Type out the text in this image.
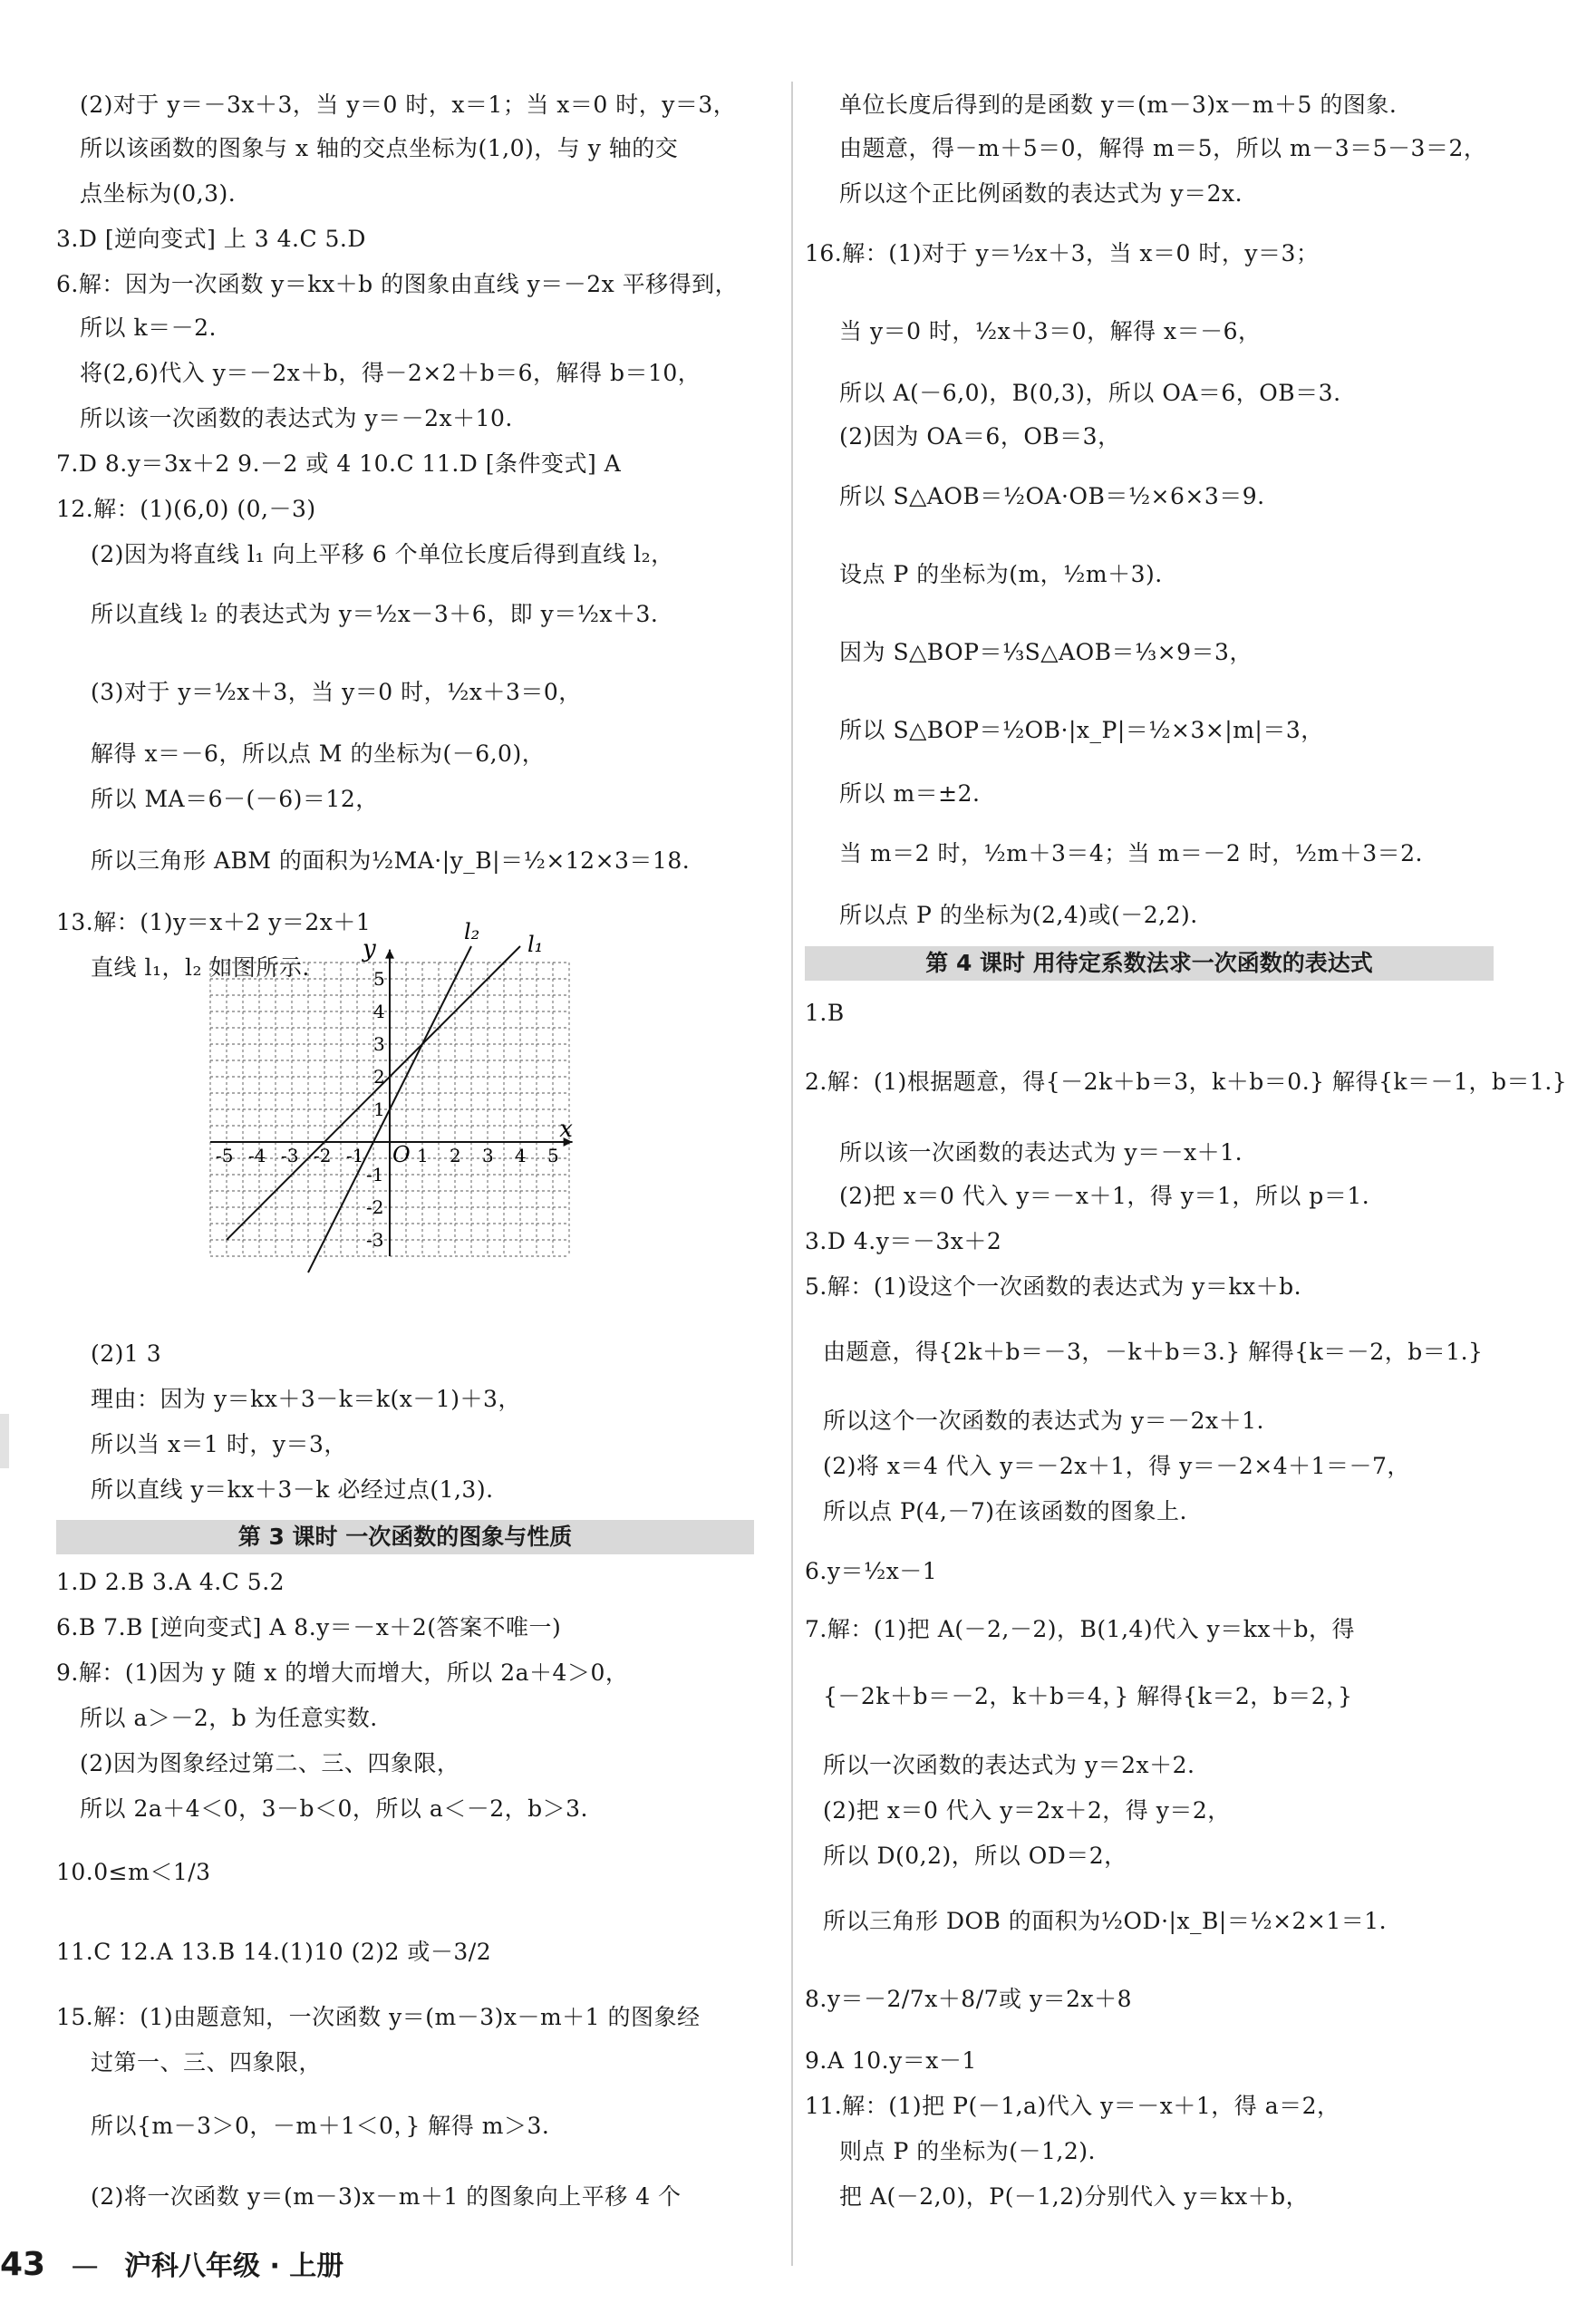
(2)对于 y＝－3x＋3，当 y＝0 时，x＝1；当 x＝0 时，y＝3，
所以该函数的图象与 x 轴的交点坐标为(1,0)，与 y 轴的交
点坐标为(0,3).
3.D [逆向变式] 上 3 4.C 5.D
6.解：因为一次函数 y＝kx＋b 的图象由直线 y＝－2x 平移得到，
所以 k＝－2.
将(2,6)代入 y＝－2x＋b，得－2×2＋b＝6，解得 b＝10，
所以该一次函数的表达式为 y＝－2x＋10.
7.D 8.y＝3x＋2 9.－2 或 4 10.C 11.D [条件变式] A
12.解：(1)(6,0) (0,－3)
(2)因为将直线 l₁ 向上平移 6 个单位长度后得到直线 l₂，
所以直线 l₂ 的表达式为 y＝½x－3＋6，即 y＝½x＋3.
(3)对于 y＝½x＋3，当 y＝0 时，½x＋3＝0，
解得 x＝－6，所以点 M 的坐标为(－6,0)，
所以 MA＝6－(－6)＝12，
所以三角形 ABM 的面积为½MA·|y_B|＝½×12×3＝18.
13.解：(1)y＝x＋2 y＝2x＋1
直线 l₁，l₂ 如图所示.
-5 -4 -3 -2 -1	1 2 3 4 5
5
4
3
2
1
-1
-2
-3
y
x
O
l₁
l₂
(2)1 3
理由：因为 y＝kx＋3－k＝k(x－1)＋3，
所以当 x＝1 时，y＝3，
所以直线 y＝kx＋3－k 必经过点(1,3).
第 3 课时 一次函数的图象与性质
1.D 2.B 3.A 4.C 5.2
6.B 7.B [逆向变式] A 8.y＝－x＋2(答案不唯一)
9.解：(1)因为 y 随 x 的增大而增大，所以 2a＋4＞0，
所以 a＞－2，b 为任意实数.
(2)因为图象经过第二、三、四象限，
所以 2a＋4＜0，3－b＜0，所以 a＜－2，b＞3.
10.0≤m＜1/3
11.C 12.A 13.B 14.(1)10 (2)2 或－3/2
15.解：(1)由题意知，一次函数 y＝(m－3)x－m＋1 的图象经
过第一、三、四象限，
所以{m－3＞0，－m＋1＜0，} 解得 m＞3.
(2)将一次函数 y＝(m－3)x－m＋1 的图象向上平移 4 个
单位长度后得到的是函数 y＝(m－3)x－m＋5 的图象.
由题意，得－m＋5＝0，解得 m＝5，所以 m－3＝5－3＝2，
所以这个正比例函数的表达式为 y＝2x.
16.解：(1)对于 y＝½x＋3，当 x＝0 时，y＝3；
当 y＝0 时，½x＋3＝0，解得 x＝－6，
所以 A(－6,0)，B(0,3)，所以 OA＝6，OB＝3.
(2)因为 OA＝6，OB＝3，
所以 S△AOB＝½OA·OB＝½×6×3＝9.
设点 P 的坐标为(m，½m＋3).
因为 S△BOP＝⅓S△AOB＝⅓×9＝3，
所以 S△BOP＝½OB·|x_P|＝½×3×|m|＝3，
所以 m＝±2.
当 m＝2 时，½m＋3＝4；当 m＝－2 时，½m＋3＝2.
所以点 P 的坐标为(2,4)或(－2,2).
第 4 课时 用待定系数法求一次函数的表达式
1.B
2.解：(1)根据题意，得{－2k＋b＝3，k＋b＝0.} 解得{k＝－1，b＝1.}
所以该一次函数的表达式为 y＝－x＋1.
(2)把 x＝0 代入 y＝－x＋1，得 y＝1，所以 p＝1.
3.D 4.y＝－3x＋2
5.解：(1)设这个一次函数的表达式为 y＝kx＋b.
由题意，得{2k＋b＝－3，－k＋b＝3.} 解得{k＝－2，b＝1.}
所以这个一次函数的表达式为 y＝－2x＋1.
(2)将 x＝4 代入 y＝－2x＋1，得 y＝－2×4＋1＝－7，
所以点 P(4,－7)在该函数的图象上.
6.y＝½x－1
7.解：(1)把 A(－2,－2)，B(1,4)代入 y＝kx＋b，得
{－2k＋b＝－2，k＋b＝4，} 解得{k＝2，b＝2，}
所以一次函数的表达式为 y＝2x＋2.
(2)把 x＝0 代入 y＝2x＋2，得 y＝2，
所以 D(0,2)，所以 OD＝2，
所以三角形 DOB 的面积为½OD·|x_B|＝½×2×1＝1.
8.y＝－2/7x＋8/7或 y＝2x＋8
9.A 10.y＝x－1
11.解：(1)把 P(－1,a)代入 y＝－x＋1，得 a＝2，
则点 P 的坐标为(－1,2).
把 A(－2,0)，P(－1,2)分别代入 y＝kx＋b，
43 — 沪科八年级 · 上册
